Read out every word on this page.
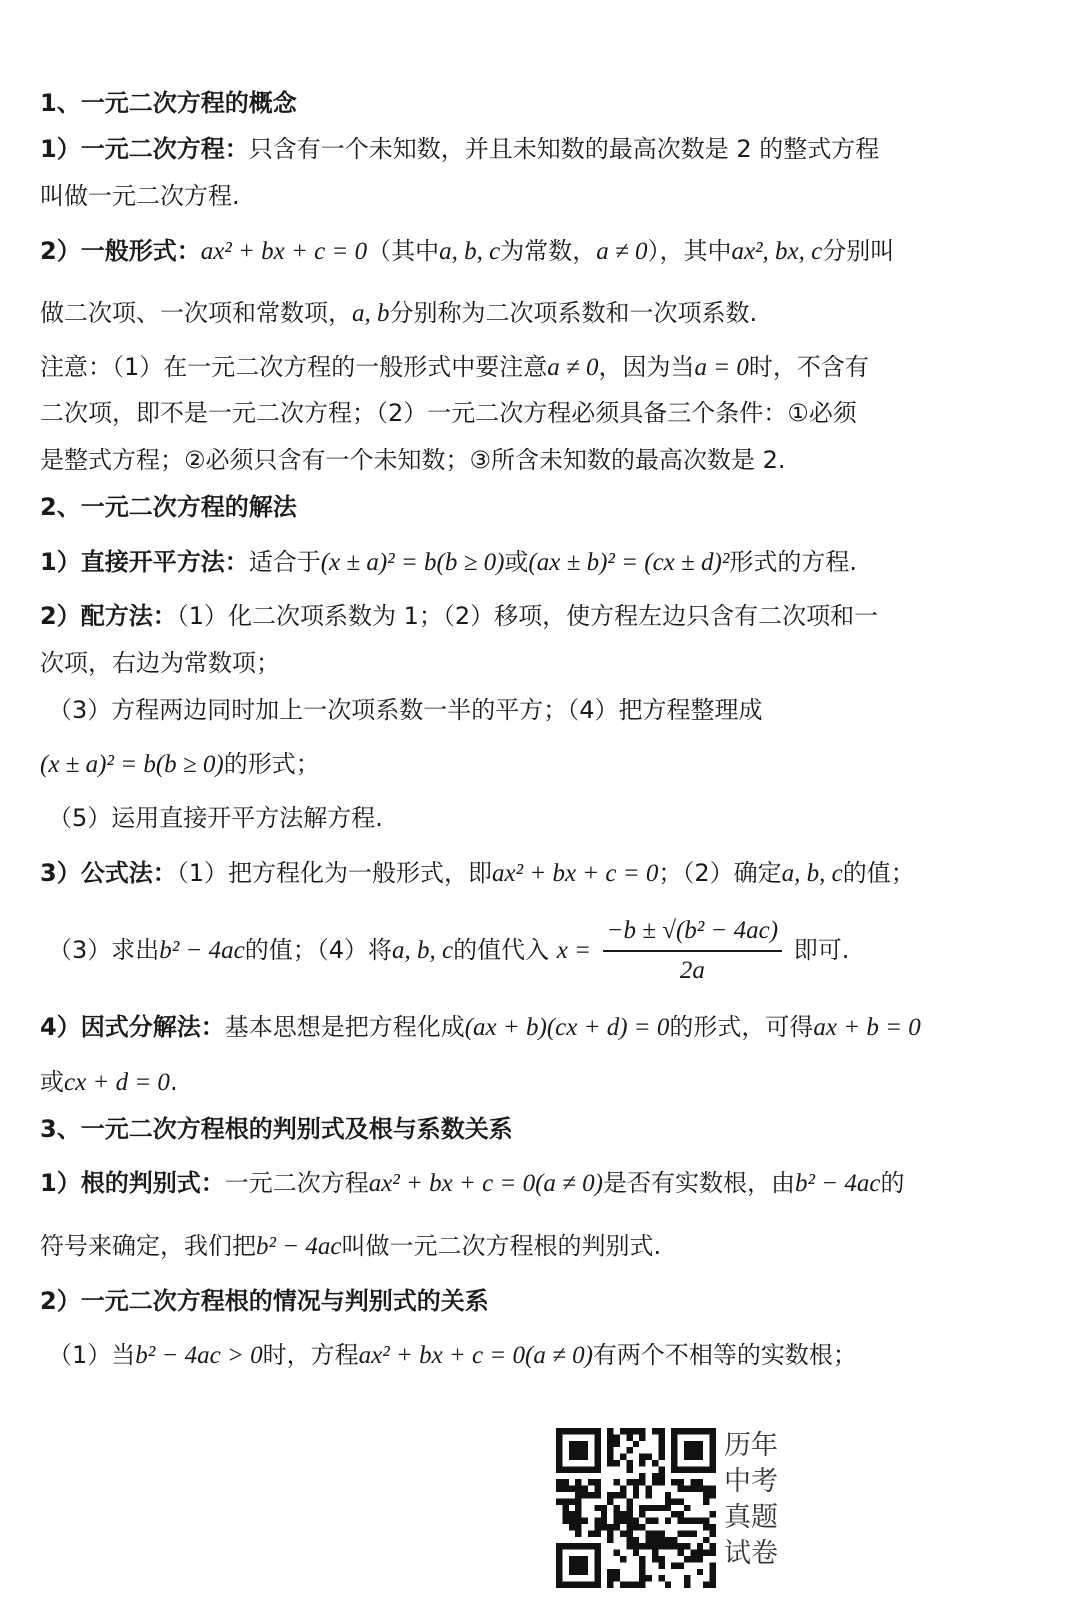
1、一元二次方程的概念
1）一元二次方程：只含有一个未知数，并且未知数的最高次数是 2 的整式方程
叫做一元二次方程.
2）一般形式：ax² + bx + c = 0（其中a, b, c为常数，a ≠ 0），其中ax², bx, c分别叫
做二次项、一次项和常数项，a, b分别称为二次项系数和一次项系数.
注意：（1）在一元二次方程的一般形式中要注意a ≠ 0，因为当a = 0时，不含有
二次项，即不是一元二次方程；（2）一元二次方程必须具备三个条件：①必须
是整式方程；②必须只含有一个未知数；③所含未知数的最高次数是 2.
2、一元二次方程的解法
1）直接开平方法：适合于(x ± a)² = b(b ≥ 0)或(ax ± b)² = (cx ± d)²形式的方程.
2）配方法：（1）化二次项系数为 1；（2）移项，使方程左边只含有二次项和一
次项，右边为常数项；
（3）方程两边同时加上一次项系数一半的平方；（4）把方程整理成
(x ± a)² = b(b ≥ 0)的形式；
（5）运用直接开平方法解方程.
3）公式法：（1）把方程化为一般形式，即ax² + bx + c = 0；（2）确定a, b, c的值；
（3）求出b² − 4ac的值；（4）将a, b, c的值代入 $x = \frac{\text{−b ± √(b² − 4ac)}}{2a}$ 即可.
4）因式分解法：基本思想是把方程化成(ax + b)(cx + d) = 0的形式，可得ax + b = 0
或cx + d = 0.
3、一元二次方程根的判别式及根与系数关系
1）根的判别式：一元二次方程ax² + bx + c = 0(a ≠ 0)是否有实数根，由b² − 4ac的
符号来确定，我们把b² − 4ac叫做一元二次方程根的判别式.
2）一元二次方程根的情况与判别式的关系
（1）当b² − 4ac > 0时，方程ax² + bx + c = 0(a ≠ 0)有两个不相等的实数根；
历年
中考
真题
试卷
